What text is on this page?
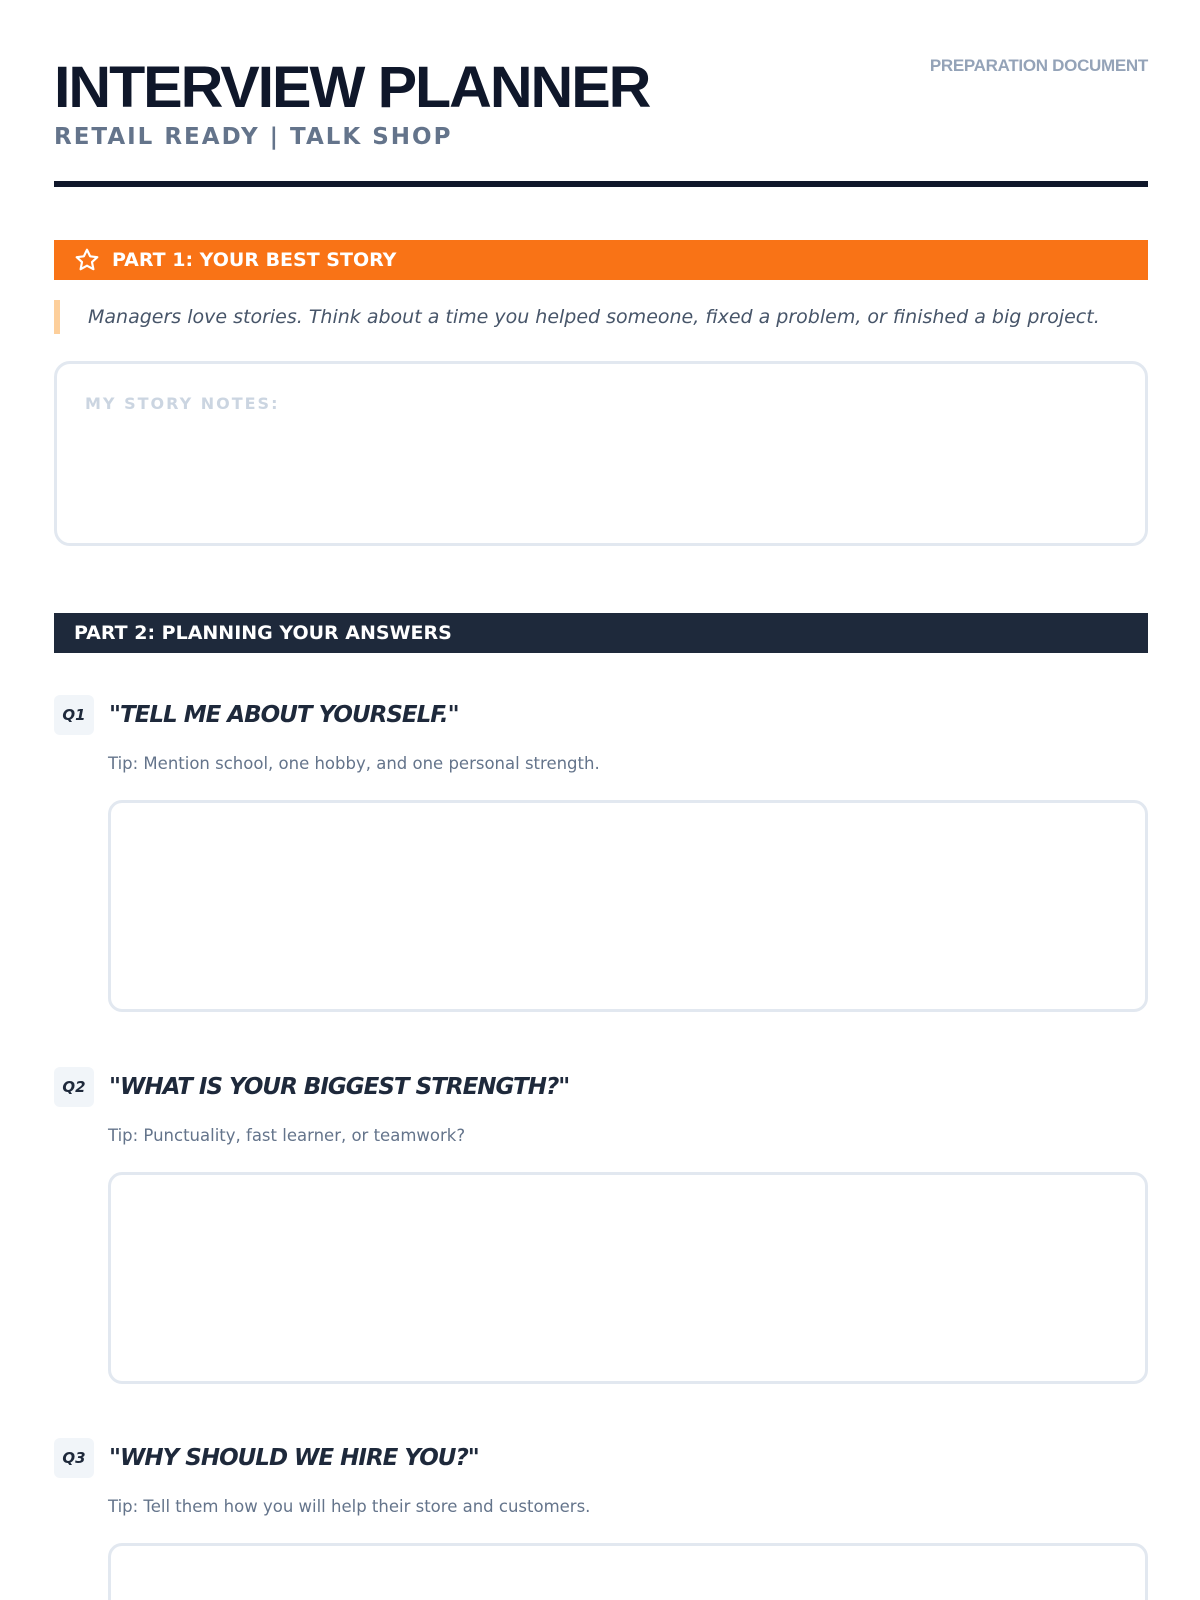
INTERVIEW PLANNER
RETAIL READY | TALK SHOP
PREPARATION DOCUMENT
PART 1: YOUR BEST STORY
Managers love stories. Think about a time you helped someone, fixed a problem, or finished a big project.
MY STORY NOTES:
PART 2: PLANNING YOUR ANSWERS
Q1	"TELL ME ABOUT YOURSELF."
Tip: Mention school, one hobby, and one personal strength.
Q2	"WHAT IS YOUR BIGGEST STRENGTH?"
Tip: Punctuality, fast learner, or teamwork?
Q3	"WHY SHOULD WE HIRE YOU?"
Tip: Tell them how you will help their store and customers.
